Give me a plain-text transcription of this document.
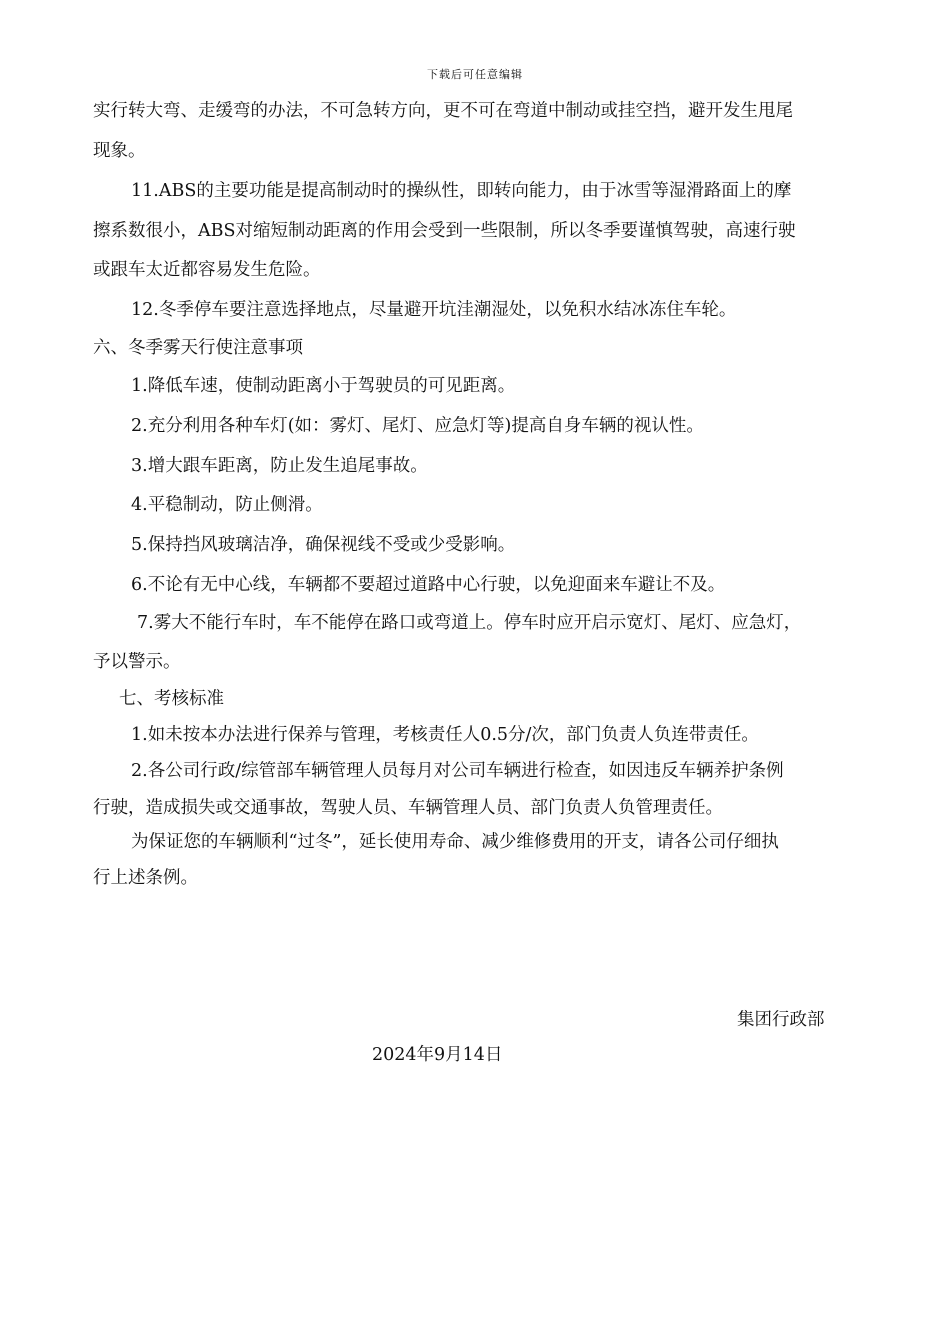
下载后可任意编辑
实行转大弯、走缓弯的办法，不可急转方向，更不可在弯道中制动或挂空挡，避开发生甩尾
现象。
11.ABS的主要功能是提高制动时的操纵性，即转向能力，由于冰雪等湿滑路面上的摩
擦系数很小，ABS对缩短制动距离的作用会受到一些限制，所以冬季要谨慎驾驶，高速行驶
或跟车太近都容易发生危险。
12.冬季停车要注意选择地点，尽量避开坑洼潮湿处，以免积水结冰冻住车轮。
六、冬季雾天行使注意事项
1.降低车速，使制动距离小于驾驶员的可见距离。
2.充分利用各种车灯(如：雾灯、尾灯、应急灯等)提高自身车辆的视认性。
3.增大跟车距离，防止发生追尾事故。
4.平稳制动，防止侧滑。
5.保持挡风玻璃洁净，确保视线不受或少受影响。
6.不论有无中心线，车辆都不要超过道路中心行驶，以免迎面来车避让不及。
7.雾大不能行车时，车不能停在路口或弯道上。停车时应开启示宽灯、尾灯、应急灯，
予以警示。
七、考核标准
1.如未按本办法进行保养与管理，考核责任人0.5分/次，部门负责人负连带责任。
2.各公司行政/综管部车辆管理人员每月对公司车辆进行检查，如因违反车辆养护条例
行驶，造成损失或交通事故，驾驶人员、车辆管理人员、部门负责人负管理责任。
为保证您的车辆顺利“过冬”，延长使用寿命、减少维修费用的开支，请各公司仔细执
行上述条例。
集团行政部
2024年9月14日
